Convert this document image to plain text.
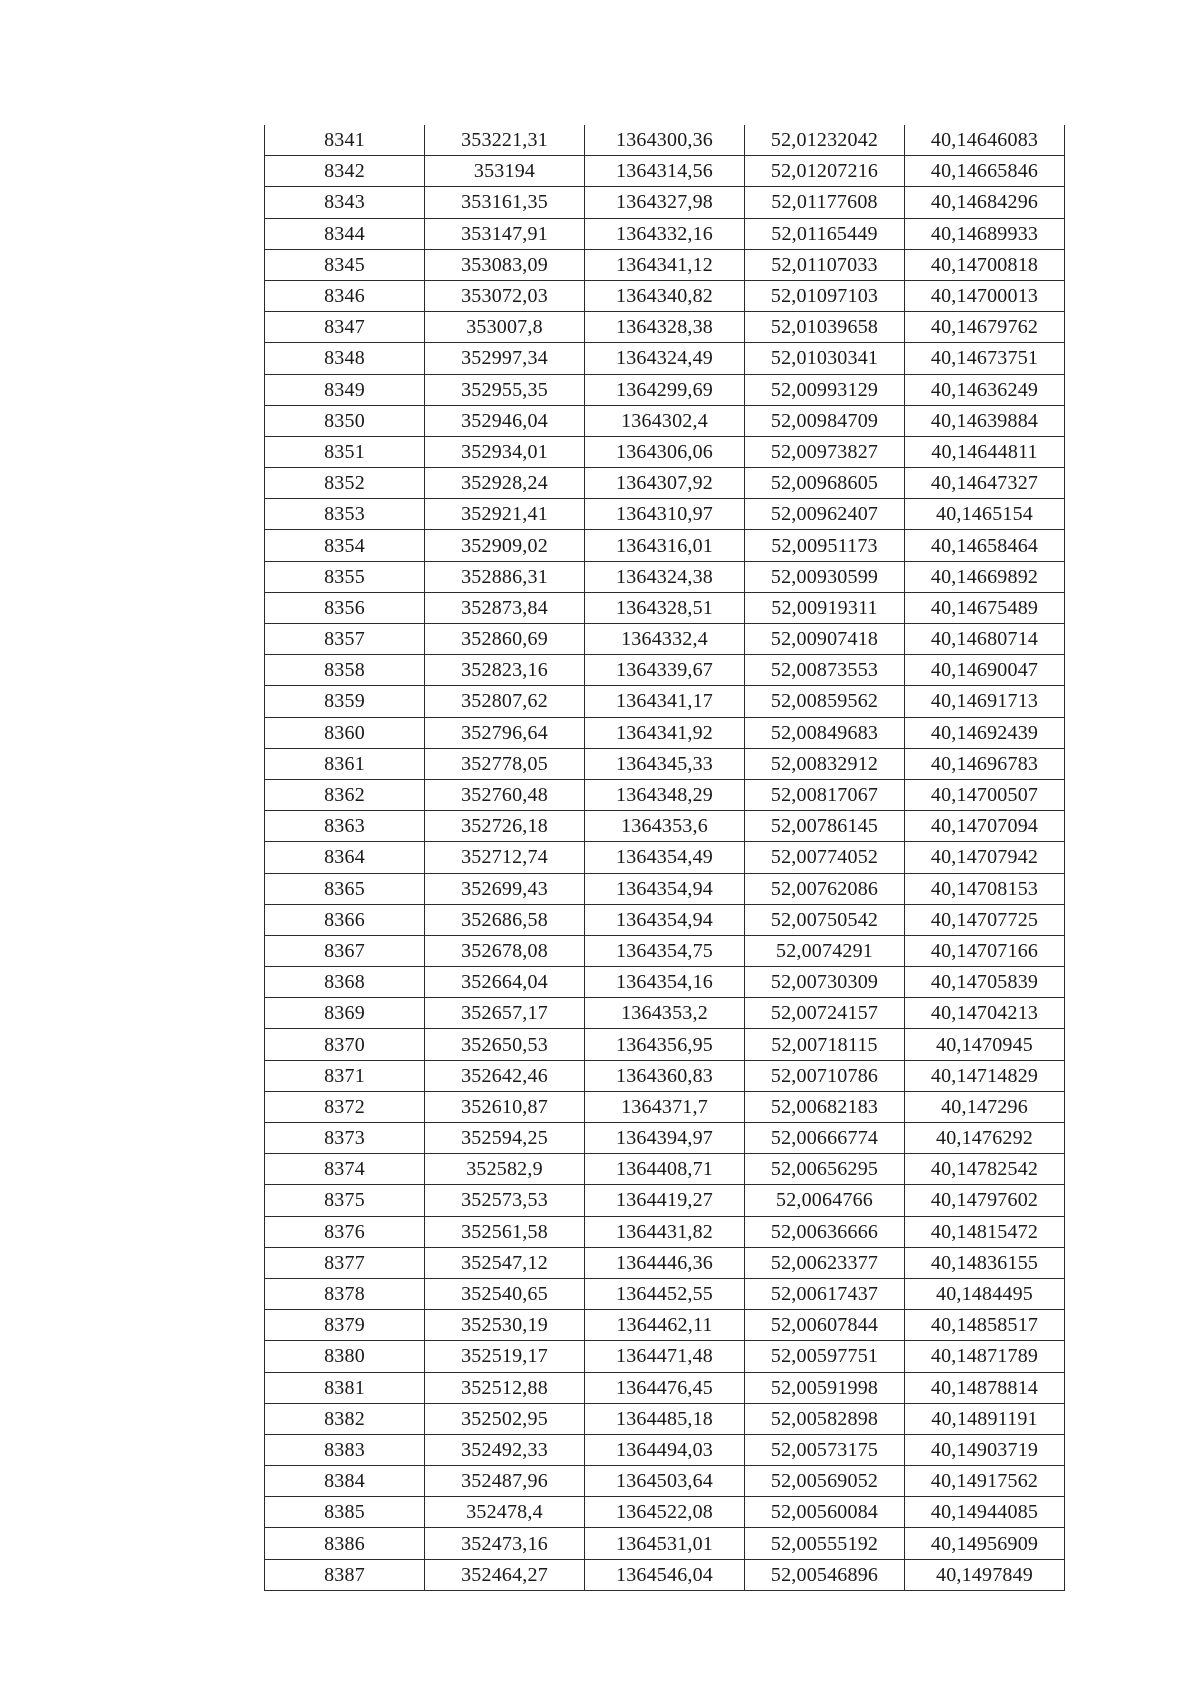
8341	353221,31	1364300,36	52,01232042	40,14646083
8342	353194	1364314,56	52,01207216	40,14665846
8343	353161,35	1364327,98	52,01177608	40,14684296
8344	353147,91	1364332,16	52,01165449	40,14689933
8345	353083,09	1364341,12	52,01107033	40,14700818
8346	353072,03	1364340,82	52,01097103	40,14700013
8347	353007,8	1364328,38	52,01039658	40,14679762
8348	352997,34	1364324,49	52,01030341	40,14673751
8349	352955,35	1364299,69	52,00993129	40,14636249
8350	352946,04	1364302,4	52,00984709	40,14639884
8351	352934,01	1364306,06	52,00973827	40,14644811
8352	352928,24	1364307,92	52,00968605	40,14647327
8353	352921,41	1364310,97	52,00962407	40,1465154
8354	352909,02	1364316,01	52,00951173	40,14658464
8355	352886,31	1364324,38	52,00930599	40,14669892
8356	352873,84	1364328,51	52,00919311	40,14675489
8357	352860,69	1364332,4	52,00907418	40,14680714
8358	352823,16	1364339,67	52,00873553	40,14690047
8359	352807,62	1364341,17	52,00859562	40,14691713
8360	352796,64	1364341,92	52,00849683	40,14692439
8361	352778,05	1364345,33	52,00832912	40,14696783
8362	352760,48	1364348,29	52,00817067	40,14700507
8363	352726,18	1364353,6	52,00786145	40,14707094
8364	352712,74	1364354,49	52,00774052	40,14707942
8365	352699,43	1364354,94	52,00762086	40,14708153
8366	352686,58	1364354,94	52,00750542	40,14707725
8367	352678,08	1364354,75	52,0074291	40,14707166
8368	352664,04	1364354,16	52,00730309	40,14705839
8369	352657,17	1364353,2	52,00724157	40,14704213
8370	352650,53	1364356,95	52,00718115	40,1470945
8371	352642,46	1364360,83	52,00710786	40,14714829
8372	352610,87	1364371,7	52,00682183	40,147296
8373	352594,25	1364394,97	52,00666774	40,1476292
8374	352582,9	1364408,71	52,00656295	40,14782542
8375	352573,53	1364419,27	52,0064766	40,14797602
8376	352561,58	1364431,82	52,00636666	40,14815472
8377	352547,12	1364446,36	52,00623377	40,14836155
8378	352540,65	1364452,55	52,00617437	40,1484495
8379	352530,19	1364462,11	52,00607844	40,14858517
8380	352519,17	1364471,48	52,00597751	40,14871789
8381	352512,88	1364476,45	52,00591998	40,14878814
8382	352502,95	1364485,18	52,00582898	40,14891191
8383	352492,33	1364494,03	52,00573175	40,14903719
8384	352487,96	1364503,64	52,00569052	40,14917562
8385	352478,4	1364522,08	52,00560084	40,14944085
8386	352473,16	1364531,01	52,00555192	40,14956909
8387	352464,27	1364546,04	52,00546896	40,1497849
